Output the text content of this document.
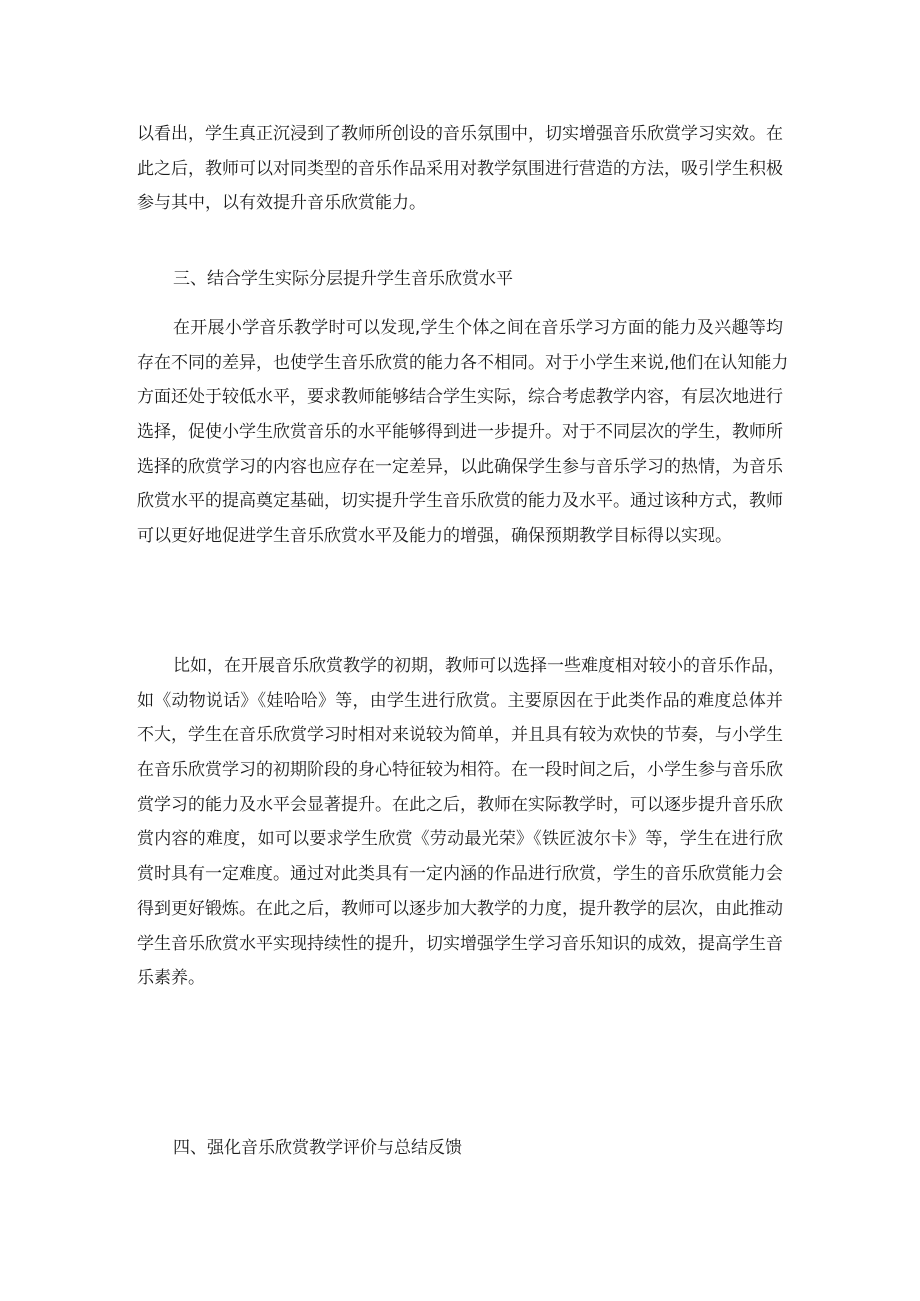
以看出，学生真正沉浸到了教师所创设的音乐氛围中，切实增强音乐欣赏学习实效。在
此之后，教师可以对同类型的音乐作品采用对教学氛围进行营造的方法，吸引学生积极
参与其中，以有效提升音乐欣赏能力。
三、结合学生实际分层提升学生音乐欣赏水平
在开展小学音乐教学时可以发现,学生个体之间在音乐学习方面的能力及兴趣等均
存在不同的差异，也使学生音乐欣赏的能力各不相同。对于小学生来说,他们在认知能力
方面还处于较低水平，要求教师能够结合学生实际，综合考虑教学内容，有层次地进行
选择，促使小学生欣赏音乐的水平能够得到进一步提升。对于不同层次的学生，教师所
选择的欣赏学习的内容也应存在一定差异，以此确保学生参与音乐学习的热情，为音乐
欣赏水平的提高奠定基础，切实提升学生音乐欣赏的能力及水平。通过该种方式，教师
可以更好地促进学生音乐欣赏水平及能力的增强，确保预期教学目标得以实现。
比如，在开展音乐欣赏教学的初期，教师可以选择一些难度相对较小的音乐作品，
如《动物说话》《娃哈哈》等，由学生进行欣赏。主要原因在于此类作品的难度总体并
不大，学生在音乐欣赏学习时相对来说较为简单，并且具有较为欢快的节奏，与小学生
在音乐欣赏学习的初期阶段的身心特征较为相符。在一段时间之后，小学生参与音乐欣
赏学习的能力及水平会显著提升。在此之后，教师在实际教学时，可以逐步提升音乐欣
赏内容的难度，如可以要求学生欣赏《劳动最光荣》《铁匠波尔卡》等，学生在进行欣
赏时具有一定难度。通过对此类具有一定内涵的作品进行欣赏，学生的音乐欣赏能力会
得到更好锻炼。在此之后，教师可以逐步加大教学的力度，提升教学的层次，由此推动
学生音乐欣赏水平实现持续性的提升，切实增强学生学习音乐知识的成效，提高学生音
乐素养。
四、强化音乐欣赏教学评价与总结反馈
